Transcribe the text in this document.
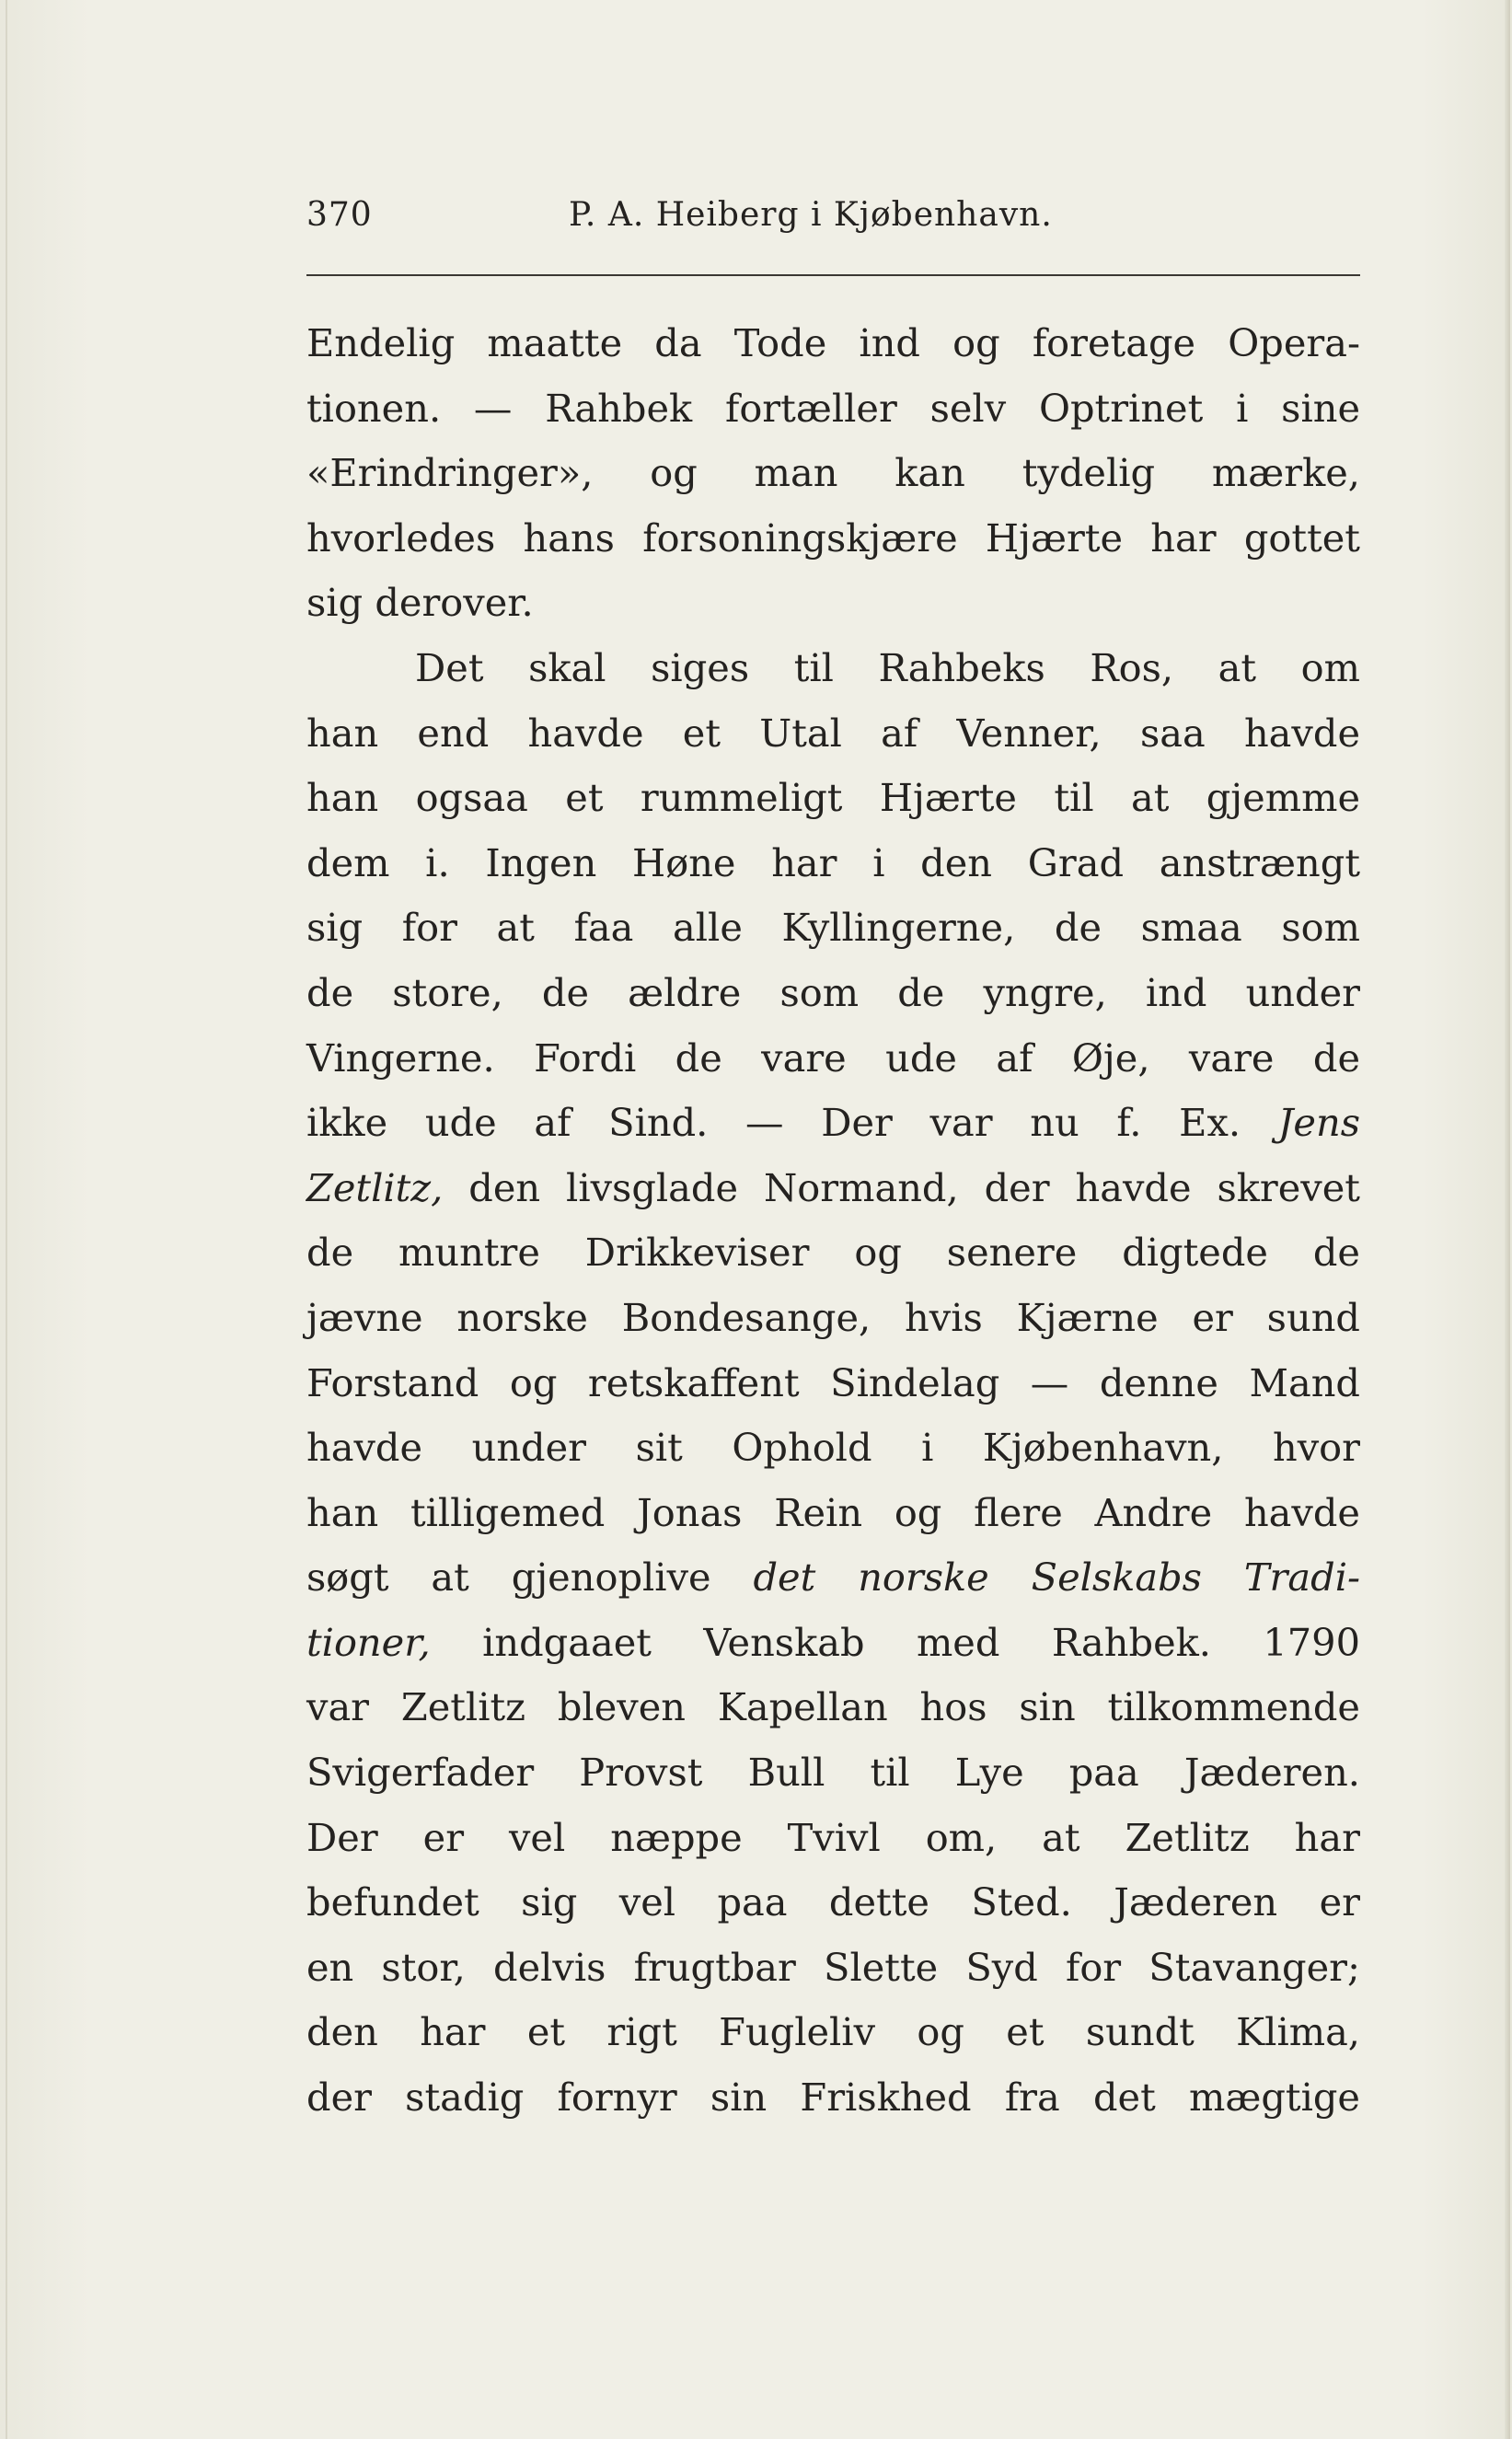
370	P. A. Heiberg i Kjøbenhavn.
Endelig maatte da Tode ind og foretage Opera-
tionen. — Rahbek fortæller selv Optrinet i sine
«Erindringer», og man kan tydelig mærke,
hvorledes hans forsoningskjære Hjærte har gottet
sig derover.
Det skal siges til Rahbeks Ros, at om
han end havde et Utal af Venner, saa havde
han ogsaa et rummeligt Hjærte til at gjemme
dem i. Ingen Høne har i den Grad anstrængt
sig for at faa alle Kyllingerne, de smaa som
de store, de ældre som de yngre, ind under
Vingerne. Fordi de vare ude af Øje, vare de
ikke ude af Sind. — Der var nu f. Ex. Jens
Zetlitz, den livsglade Normand, der havde skrevet
de muntre Drikkeviser og senere digtede de
jævne norske Bondesange, hvis Kjærne er sund
Forstand og retskaffent Sindelag — denne Mand
havde under sit Ophold i Kjøbenhavn, hvor
han tilligemed Jonas Rein og flere Andre havde
søgt at gjenoplive det norske Selskabs Tradi-
tioner, indgaaet Venskab med Rahbek. 1790
var Zetlitz bleven Kapellan hos sin tilkommende
Svigerfader Provst Bull til Lye paa Jæderen.
Der er vel næppe Tvivl om, at Zetlitz har
befundet sig vel paa dette Sted. Jæderen er
en stor, delvis frugtbar Slette Syd for Stavanger;
den har et rigt Fugleliv og et sundt Klima,
der stadig fornyr sin Friskhed fra det mægtige
